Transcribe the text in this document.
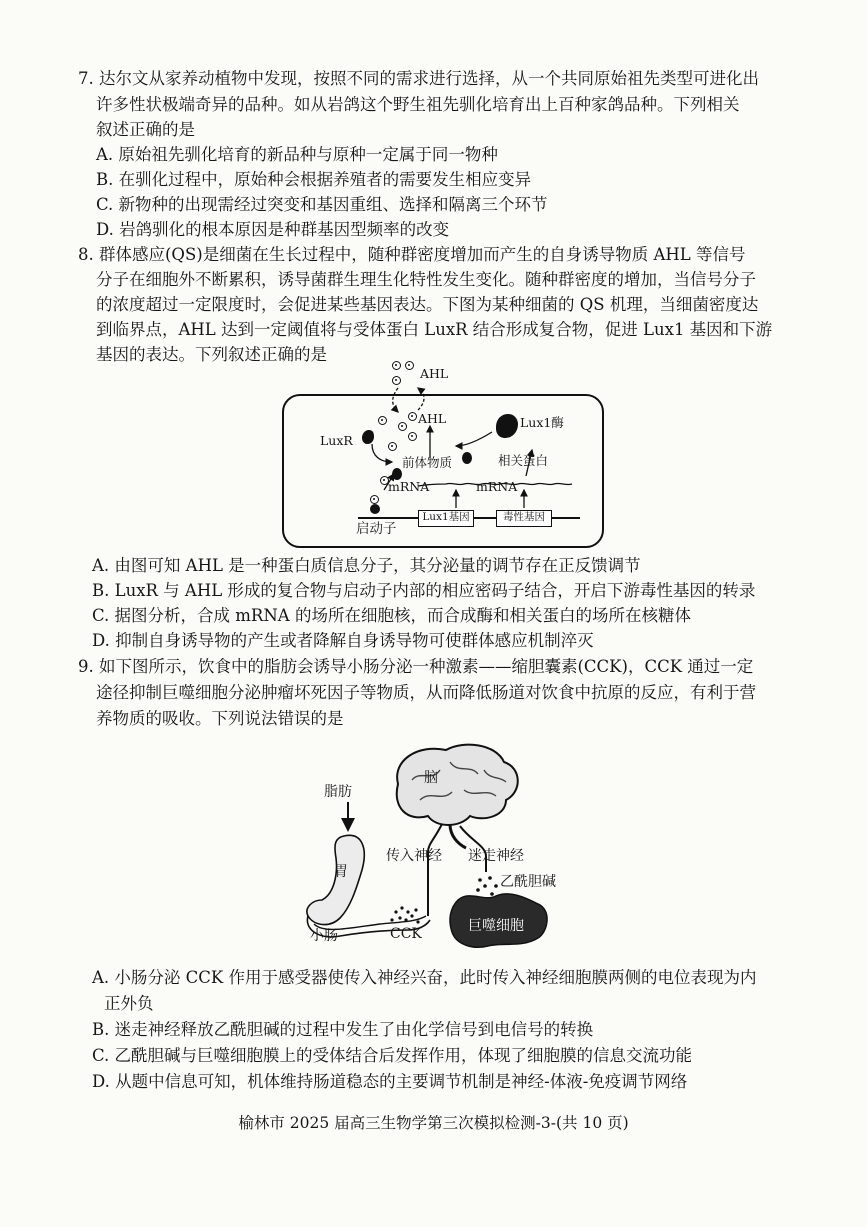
7. 达尔文从家养动植物中发现，按照不同的需求进行选择，从一个共同原始祖先类型可进化出
许多性状极端奇异的品种。如从岩鸽这个野生祖先驯化培育出上百种家鸽品种。下列相关
叙述正确的是
A. 原始祖先驯化培育的新品种与原种一定属于同一物种
B. 在驯化过程中，原始种会根据养殖者的需要发生相应变异
C. 新物种的出现需经过突变和基因重组、选择和隔离三个环节
D. 岩鸽驯化的根本原因是种群基因型频率的改变
8. 群体感应(QS)是细菌在生长过程中，随种群密度增加而产生的自身诱导物质 AHL 等信号
分子在细胞外不断累积，诱导菌群生理生化特性发生变化。随种群密度的增加，当信号分子
的浓度超过一定限度时，会促进某些基因表达。下图为某种细菌的 QS 机理，当细菌密度达
到临界点，AHL 达到一定阈值将与受体蛋白 LuxR 结合形成复合物，促进 Lux1 基因和下游
基因的表达。下列叙述正确的是
AHL
AHL
LuxR
Lux1酶
前体物质	相关蛋白
mRNA	mRNA
Lux1基因	毒性基因
启动子
A. 由图可知 AHL 是一种蛋白质信息分子，其分泌量的调节存在正反馈调节
B. LuxR 与 AHL 形成的复合物与启动子内部的相应密码子结合，开启下游毒性基因的转录
C. 据图分析，合成 mRNA 的场所在细胞核，而合成酶和相关蛋白的场所在核糖体
D. 抑制自身诱导物的产生或者降解自身诱导物可使群体感应机制淬灭
9. 如下图所示，饮食中的脂肪会诱导小肠分泌一种激素——缩胆囊素(CCK)，CCK 通过一定
途径抑制巨噬细胞分泌肿瘤坏死因子等物质，从而降低肠道对饮食中抗原的反应，有利于营
养物质的吸收。下列说法错误的是
脑
脂肪
胃
小肠	CCK
传入神经 迷走神经
乙酰胆碱
巨噬细胞
A. 小肠分泌 CCK 作用于感受器使传入神经兴奋，此时传入神经细胞膜两侧的电位表现为内
正外负
B. 迷走神经释放乙酰胆碱的过程中发生了由化学信号到电信号的转换
C. 乙酰胆碱与巨噬细胞膜上的受体结合后发挥作用，体现了细胞膜的信息交流功能
D. 从题中信息可知，机体维持肠道稳态的主要调节机制是神经-体液-免疫调节网络
榆林市 2025 届高三生物学第三次模拟检测-3-(共 10 页)
